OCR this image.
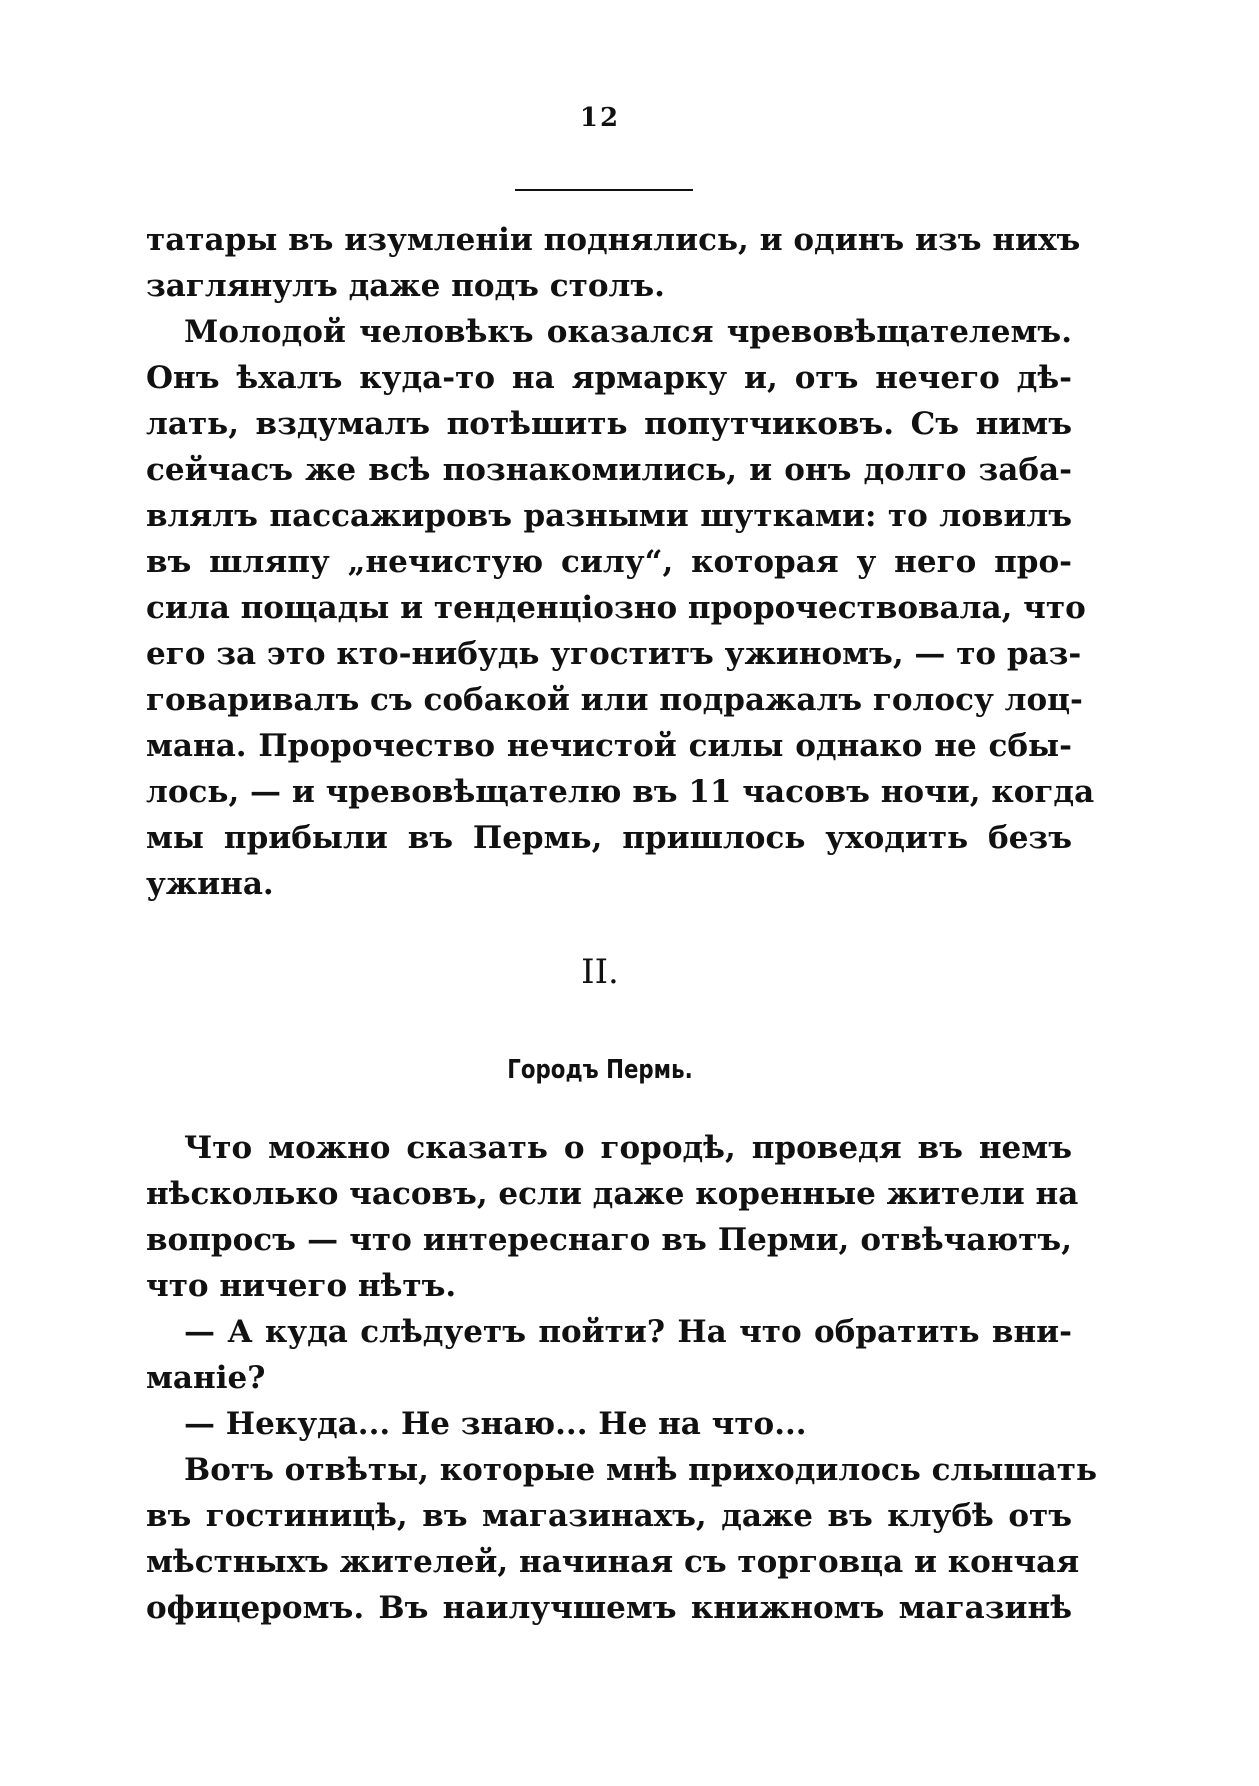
12
татары въ изумленіи поднялись, и одинъ изъ нихъ
заглянулъ даже подъ столъ.
Молодой человѣкъ оказался чревовѣщателемъ.
Онъ ѣхалъ куда-то на ярмарку и, отъ нечего дѣ-
лать, вздумалъ потѣшить попутчиковъ. Съ нимъ
сейчасъ же всѣ познакомились, и онъ долго заба-
влялъ пассажировъ разными шутками: то ловилъ
въ шляпу „нечистую силу“, которая у него про-
сила пощады и тенденціозно пророчествовала, что
его за это кто-нибудь угоститъ ужиномъ, — то раз-
говаривалъ съ собакой или подражалъ голосу лоц-
мана. Пророчество нечистой силы однако не сбы-
лось, — и чревовѣщателю въ 11 часовъ ночи, когда
мы прибыли въ Пермь, пришлось уходить безъ
ужина.
II.
Городъ Пермь.
Что можно сказать о городѣ, проведя въ немъ
нѣсколько часовъ, если даже коренные жители на
вопросъ — что интереснаго въ Перми, отвѣчаютъ,
что ничего нѣтъ.
— А куда слѣдуетъ пойти? На что обратить вни-
маніе?
— Некуда... Не знаю... Не на что...
Вотъ отвѣты, которые мнѣ приходилось слышать
въ гостиницѣ, въ магазинахъ, даже въ клубѣ отъ
мѣстныхъ жителей, начиная съ торговца и кончая
офицеромъ. Въ наилучшемъ книжномъ магазинѣ
